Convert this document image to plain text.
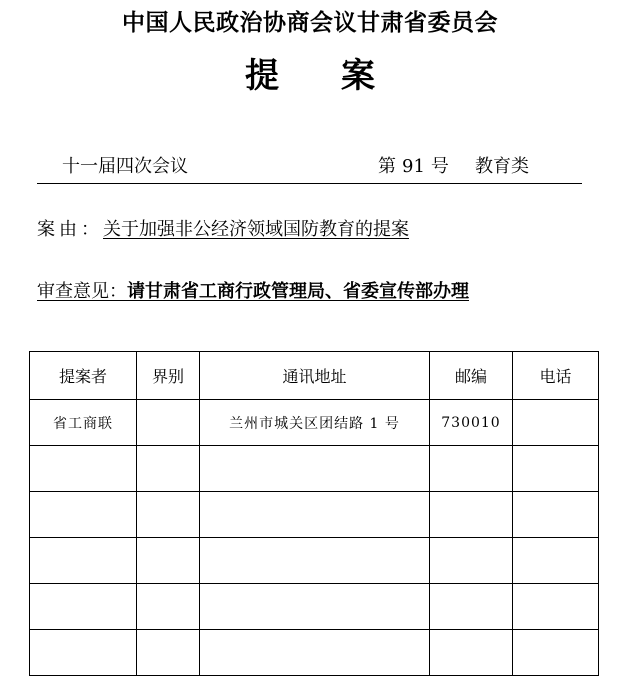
中国人民政治协商会议甘肃省委员会
提案
十一届四次会议	第 91 号 教育类
案由：关于加强非公经济领域国防教育的提案
审查意见：请甘肃省工商行政管理局、省委宣传部办理
提案者	界别	通讯地址	邮编	电话
省工商联		兰州市城关区团结路 1 号	730010	
